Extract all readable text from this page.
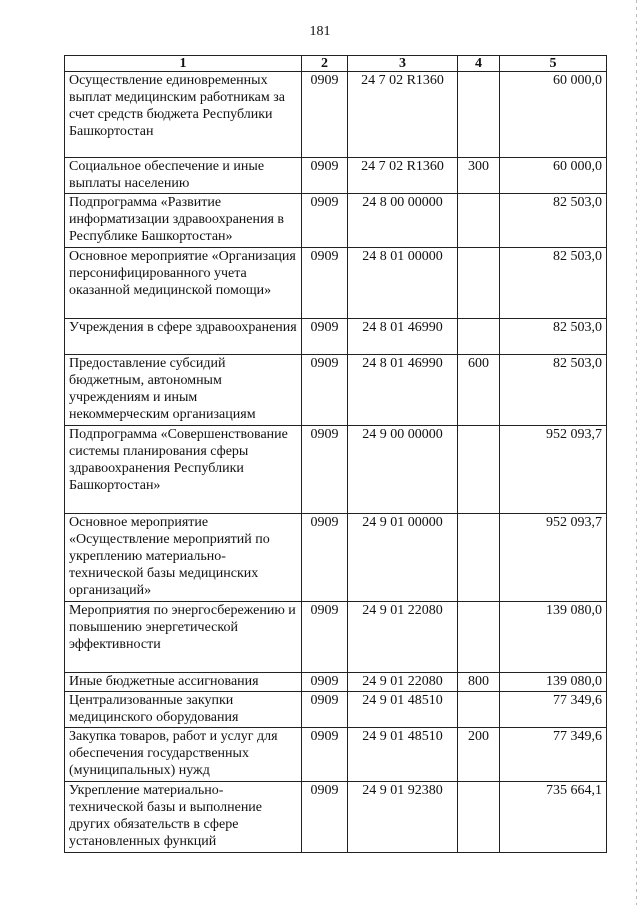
181
1	2	3	4	5
Осуществление единовременных выплат медицинским работникам за счет средств бюджета Республики Башкортостан	0909	24 7 02 R1360		60 000,0
Социальное обеспечение и иные выплаты населению	0909	24 7 02 R1360	300	60 000,0
Подпрограмма «Развитие информатизации здравоохранения в Республике Башкортостан»	0909	24 8 00 00000		82 503,0
Основное мероприятие «Организация персонифицированного учета оказанной медицинской помощи»	0909	24 8 01 00000		82 503,0
Учреждения в сфере здравоохранения	0909	24 8 01 46990		82 503,0
Предоставление субсидий бюджетным, автономным учреждениям и иным некоммерческим организациям	0909	24 8 01 46990	600	82 503,0
Подпрограмма «Совершенствование системы планирования сферы здравоохранения Республики Башкортостан»	0909	24 9 00 00000		952 093,7
Основное мероприятие «Осуществление мероприятий по укреплению материально-технической базы медицинских организаций»	0909	24 9 01 00000		952 093,7
Мероприятия по энергосбережению и повышению энергетической эффективности	0909	24 9 01 22080		139 080,0
Иные бюджетные ассигнования	0909	24 9 01 22080	800	139 080,0
Централизованные закупки медицинского оборудования	0909	24 9 01 48510		77 349,6
Закупка товаров, работ и услуг для обеспечения государственных (муниципальных) нужд	0909	24 9 01 48510	200	77 349,6
Укрепление материально-технической базы и выполнение других обязательств в сфере установленных функций	0909	24 9 01 92380		735 664,1
